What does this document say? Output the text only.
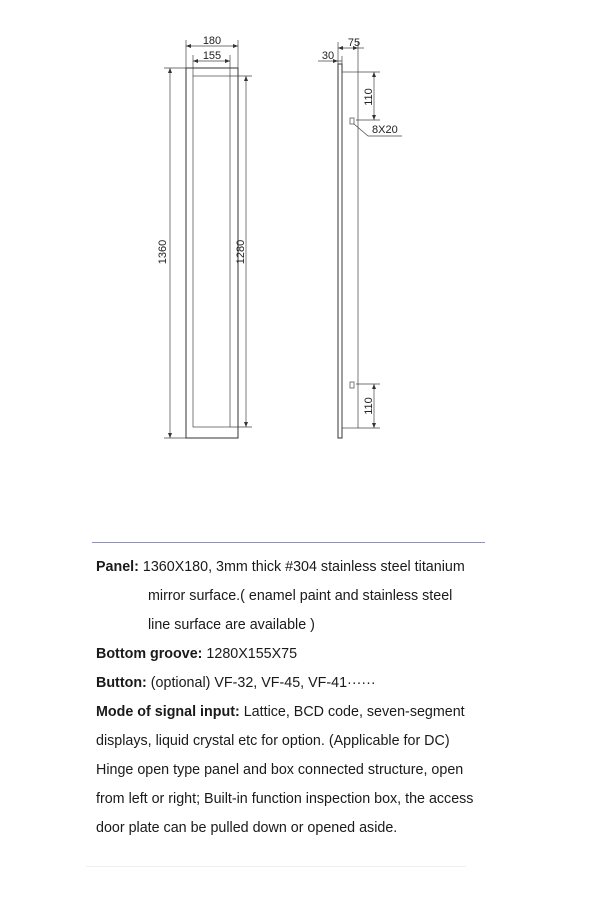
180
155
1360	1280
75
30
110
8X20
110
Panel: 1360X180, 3mm thick #304 stainless steel titanium
mirror surface.( enamel paint and stainless steel
line surface are available )
Bottom groove: 1280X155X75
Button: (optional) VF-32, VF-45, VF-41······
Mode of signal input: Lattice, BCD code, seven-segment
displays, liquid crystal etc for option. (Applicable for DC)
Hinge open type panel and box connected structure, open
from left or right; Built-in function inspection box, the access
door plate can be pulled down or opened aside.
